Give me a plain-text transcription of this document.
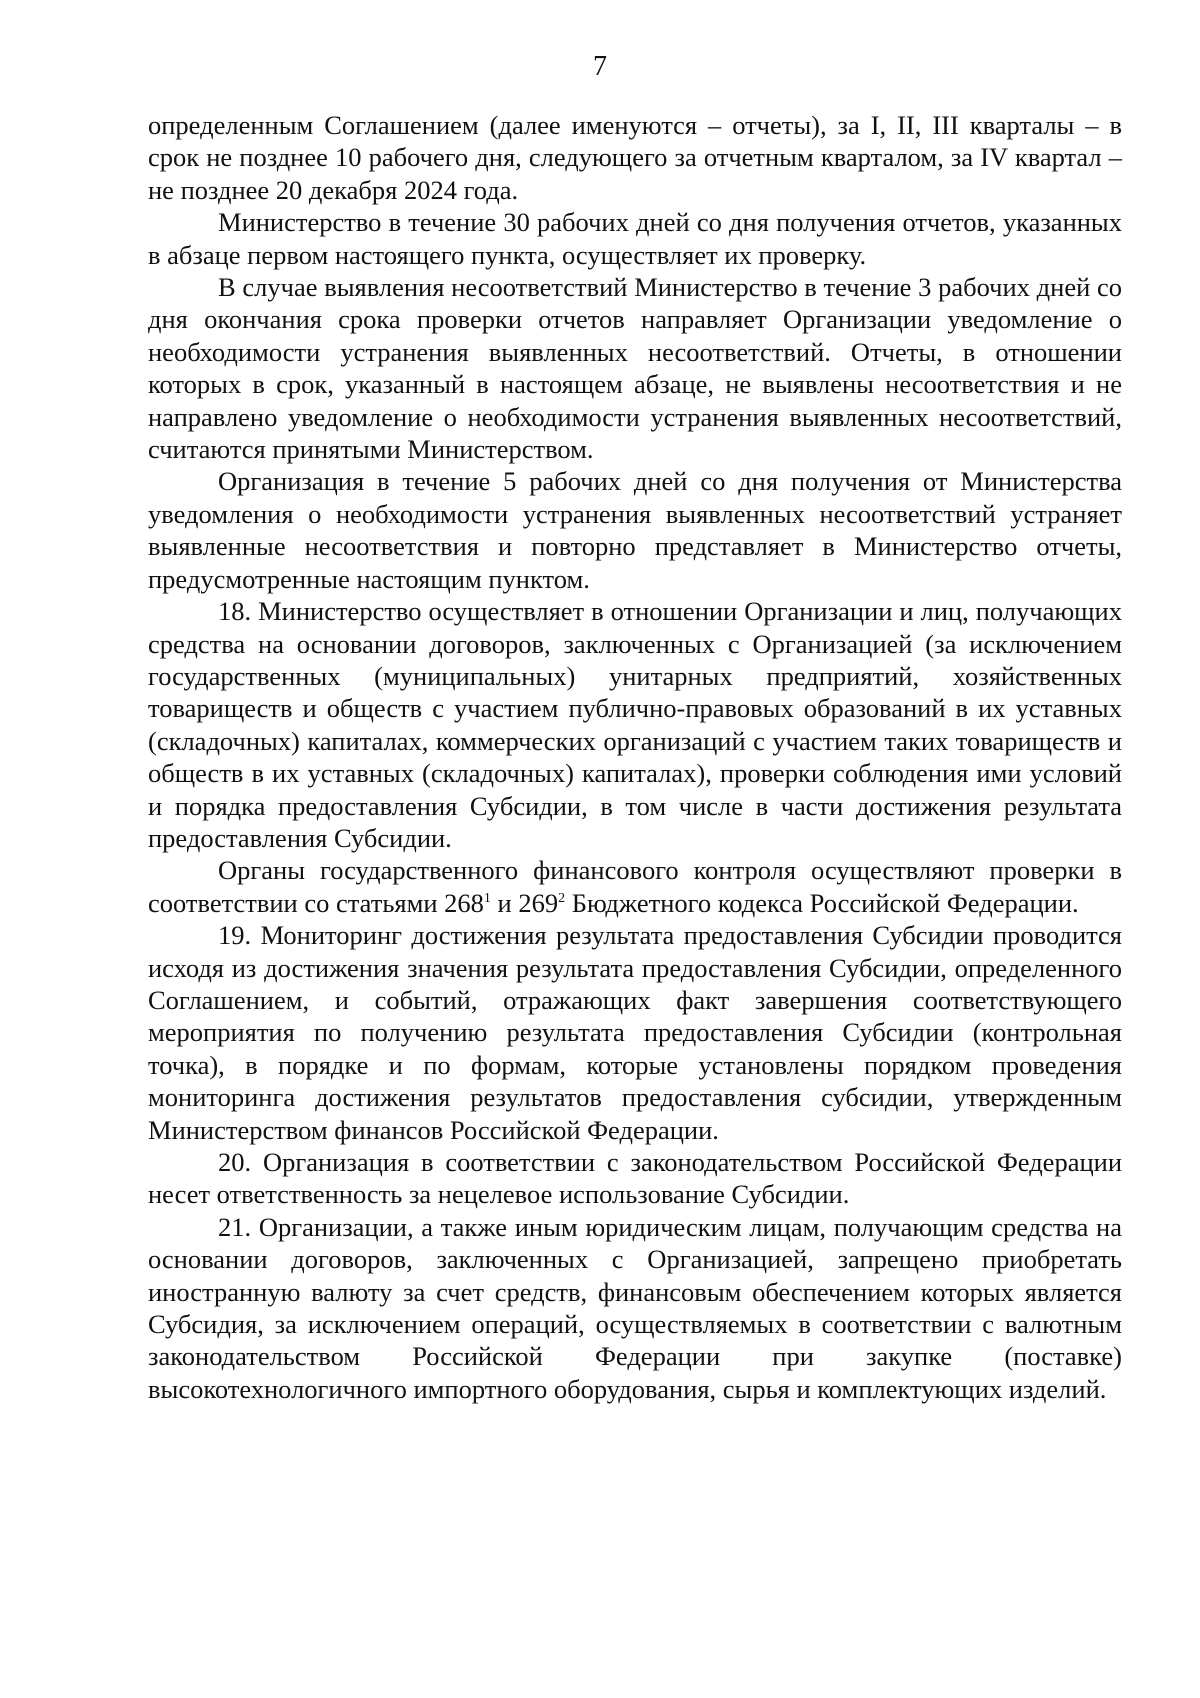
7

определенным Соглашением (далее именуются – отчеты), за I, II, III кварталы – в срок не позднее 10 рабочего дня, следующего за отчетным кварталом, за IV квартал – не позднее 20 декабря 2024 года.

Министерство в течение 30 рабочих дней со дня получения отчетов, указанных в абзаце первом настоящего пункта, осуществляет их проверку.

В случае выявления несоответствий Министерство в течение 3 рабочих дней со дня окончания срока проверки отчетов направляет Организации уведомление о необходимости устранения выявленных несоответствий. Отчеты, в отношении которых в срок, указанный в настоящем абзаце, не выявлены несоответствия и не направлено уведомление о необходимости устранения выявленных несоответствий, считаются принятыми Министерством.

Организация в течение 5 рабочих дней со дня получения от Министерства уведомления о необходимости устранения выявленных несоответствий устраняет выявленные несоответствия и повторно представляет в Министерство отчеты, предусмотренные настоящим пунктом.

18. Министерство осуществляет в отношении Организации и лиц, получающих средства на основании договоров, заключенных с Организацией (за исключением государственных (муниципальных) унитарных предприятий, хозяйственных товариществ и обществ с участием публично-правовых образований в их уставных (складочных) капиталах, коммерческих организаций с участием таких товариществ и обществ в их уставных (складочных) капиталах), проверки соблюдения ими условий и порядка предоставления Субсидии, в том числе в части достижения результата предоставления Субсидии.

Органы государственного финансового контроля осуществляют проверки в соответствии со статьями $268^1$ и $269^2$ Бюджетного кодекса Российской Федерации.

19. Мониторинг достижения результата предоставления Субсидии проводится исходя из достижения значения результата предоставления Субсидии, определенного Соглашением, и событий, отражающих факт завершения соответствующего мероприятия по получению результата предоставления Субсидии (контрольная точка), в порядке и по формам, которые установлены порядком проведения мониторинга достижения результатов предоставления субсидии, утвержденным Министерством финансов Российской Федерации.

20. Организация в соответствии с законодательством Российской Федерации несет ответственность за нецелевое использование Субсидии.

21. Организации, а также иным юридическим лицам, получающим средства на основании договоров, заключенных с Организацией, запрещено приобретать иностранную валюту за счет средств, финансовым обеспечением которых является Субсидия, за исключением операций, осуществляемых в соответствии с валютным законодательством Российской Федерации при закупке (поставке) высокотехнологичного импортного оборудования, сырья и комплектующих изделий.
